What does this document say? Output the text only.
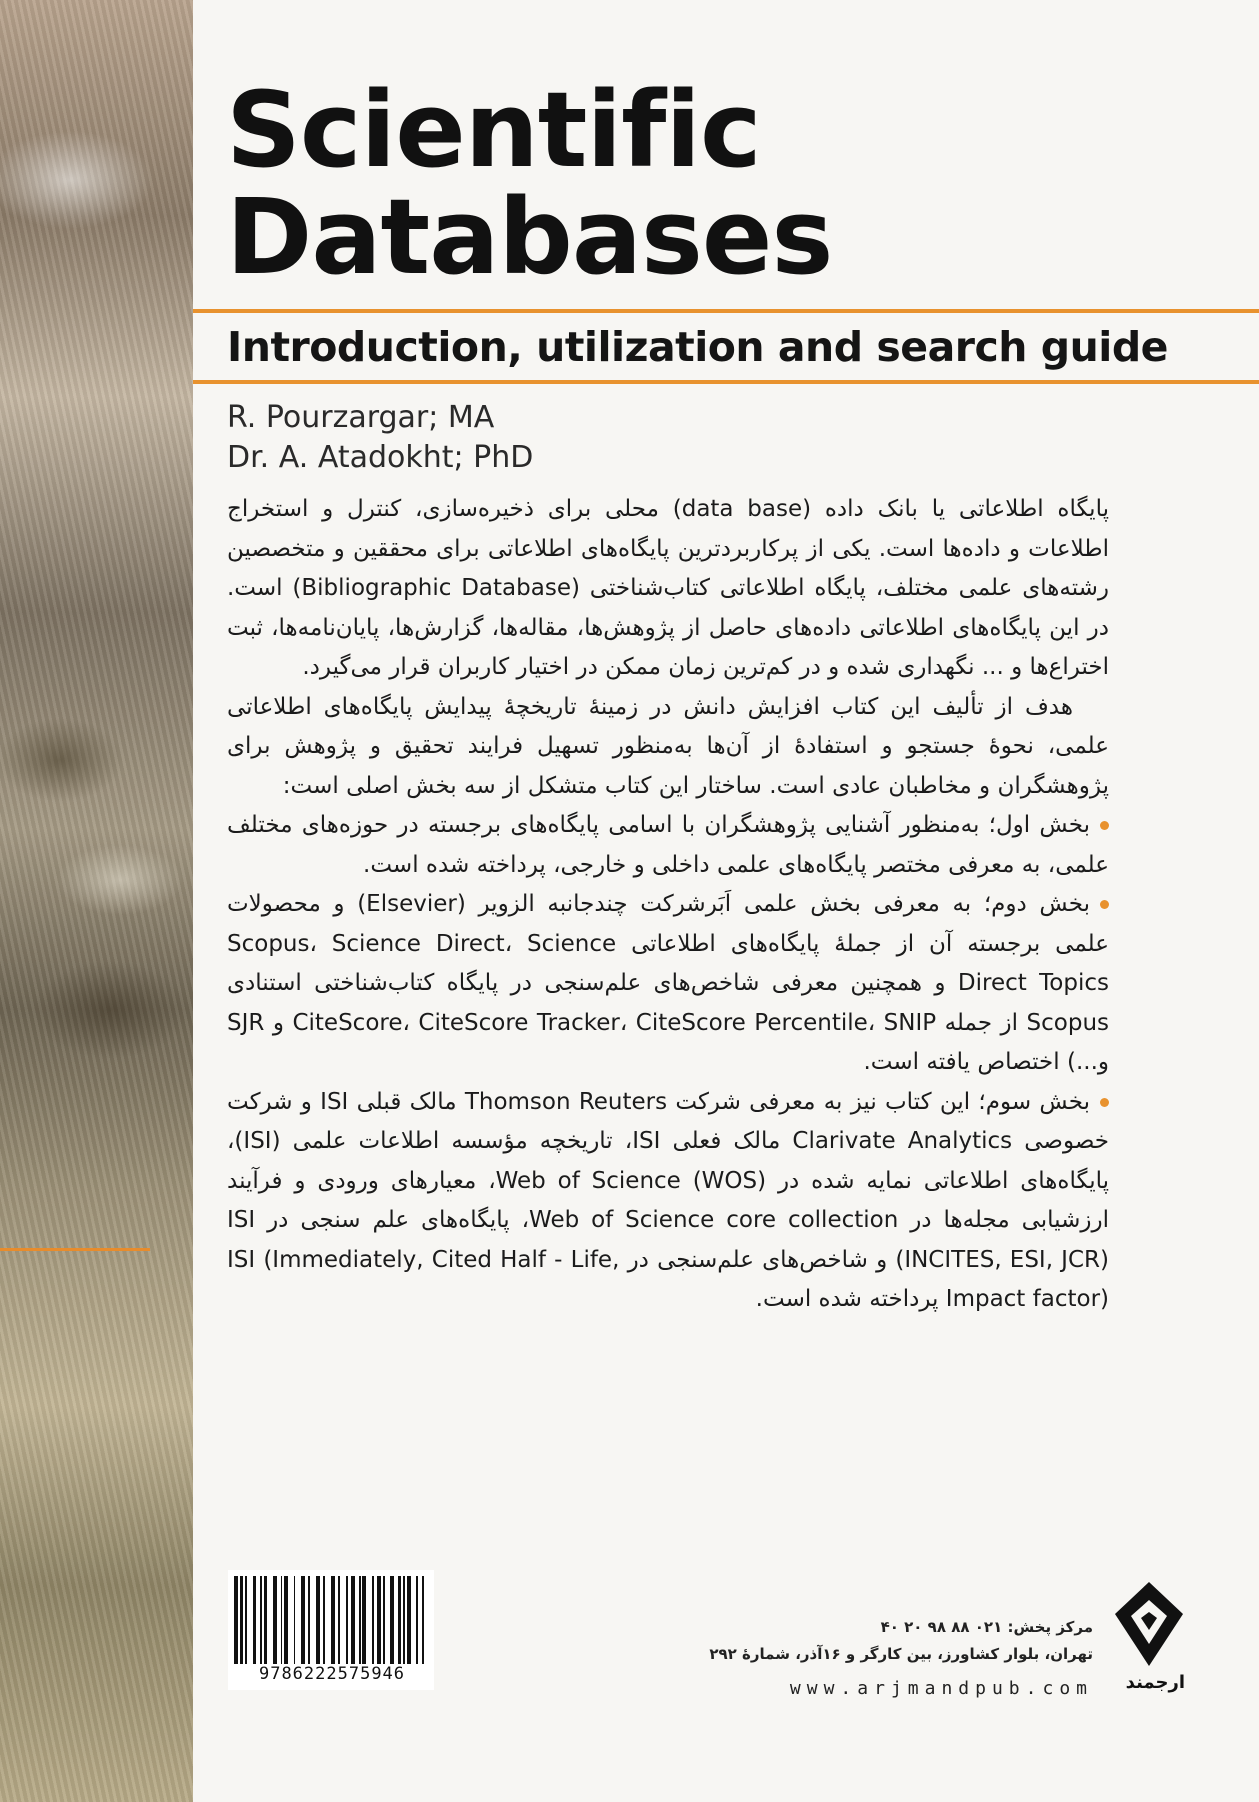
Scientific
Databases
Introduction, utilization and search guide
R. Pourzargar; MA
Dr. A. Atadokht; PhD

پایگاه اطلاعاتی یا بانک داده (data base) محلی برای ذخیره‌سازی، کنترل و استخراج اطلاعات و داده‌ها است. یکی از پرکاربردترین پایگاه‌های اطلاعاتی برای محققین و متخصصین رشته‌های علمی مختلف، پایگاه اطلاعاتی کتاب‌شناختی (Bibliographic Database) است. در این پایگاه‌های اطلاعاتی داده‌های حاصل از پژوهش‌ها، مقاله‌ها، گزارش‌ها، پایان‌نامه‌ها، ثبت اختراع‌ها و ... نگهداری شده و در کم‌ترین زمان ممکن در اختیار کاربران قرار می‌گیرد.

هدف از تألیف این کتاب افزایش دانش در زمینهٔ تاریخچهٔ پیدایش پایگاه‌های اطلاعاتی علمی، نحوهٔ جستجو و استفادهٔ از آن‌ها به‌منظور تسهیل فرایند تحقیق و پژوهش برای پژوهشگران و مخاطبان عادی است. ساختار این کتاب متشکل از سه بخش اصلی است:

بخش اول؛ به‌منظور آشنایی پژوهشگران با اسامی پایگاه‌های برجسته در حوزه‌های مختلف علمی، به معرفی مختصر پایگاه‌های علمی داخلی و خارجی، پرداخته شده است.

بخش دوم؛ به معرفی بخش علمی اَبَرشرکت چندجانبه الزویر (Elsevier) و محصولات علمی برجسته آن از جملهٔ پایگاه‌های اطلاعاتی Scopus، Science Direct، Science Direct Topics و همچنین معرفی شاخص‌های علم‌سنجی در پایگاه کتاب‌شناختی استنادی Scopus از جمله CiteScore، CiteScore Tracker، CiteScore Percentile، SNIP و SJR و...) اختصاص یافته است.

بخش سوم؛ این کتاب نیز به معرفی شرکت Thomson Reuters مالک قبلی ISI و شرکت خصوصی Clarivate Analytics مالک فعلی ISI، تاریخچه مؤسسه اطلاعات علمی (ISI)، پایگاه‌های اطلاعاتی نمایه شده در Web of Science (WOS)، معیارهای ورودی و فرآیند ارزشیابی مجله‌ها در Web of Science core collection، پایگاه‌های علم سنجی در ISI (INCITES, ESI, JCR) و شاخص‌های علم‌سنجی در ISI (Immediately, Cited Half - Life, Impact factor) پرداخته شده است.

9786222575946
مرکز پخش: ۰۲۱ ۸۸ ۹۸ ۲۰ ۴۰
تهران، بلوار کشاورز، بین کارگر و ۱۶آذر، شمارهٔ ۲۹۲
www.arjmandpub.com ارجمند
